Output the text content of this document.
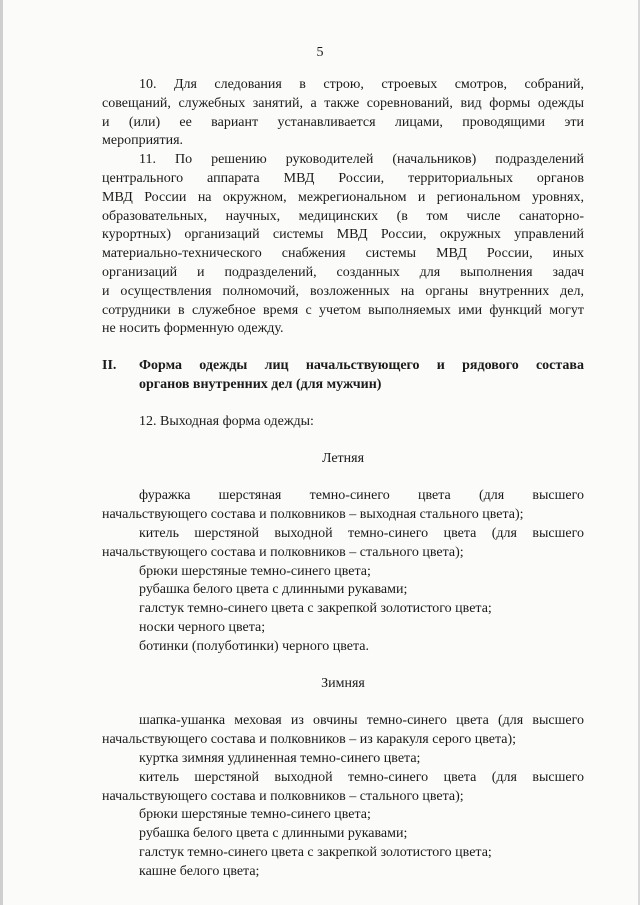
5

10. Для следования в строю, строевых смотров, собраний,

совещаний, служебных занятий, а также соревнований, вид формы одежды

и (или) ее вариант устанавливается лицами, проводящими эти

мероприятия.

11. По решению руководителей (начальников) подразделений

центрального аппарата МВД России, территориальных органов

МВД России на окружном, межрегиональном и региональном уровнях,

образовательных, научных, медицинских (в том числе санаторно-

курортных) организаций системы МВД России, окружных управлений

материально-технического снабжения системы МВД России, иных

организаций и подразделений, созданных для выполнения задач

и осуществления полномочий, возложенных на органы внутренних дел,

сотрудники в служебное время с учетом выполняемых ими функций могут

не носить форменную одежду.

II.	Форма одежды лиц начальствующего и рядового состава
органов внутренних дел (для мужчин)

12. Выходная форма одежды:

Летняя

фуражка шерстяная темно-синего цвета (для высшего

начальствующего состава и полковников – выходная стального цвета);

китель шерстяной выходной темно-синего цвета (для высшего

начальствующего состава и полковников – стального цвета);

брюки шерстяные темно-синего цвета;

рубашка белого цвета с длинными рукавами;

галстук темно-синего цвета с закрепкой золотистого цвета;

носки черного цвета;

ботинки (полуботинки) черного цвета.

Зимняя

шапка-ушанка меховая из овчины темно-синего цвета (для высшего

начальствующего состава и полковников – из каракуля серого цвета);

куртка зимняя удлиненная темно-синего цвета;

китель шерстяной выходной темно-синего цвета (для высшего

начальствующего состава и полковников – стального цвета);

брюки шерстяные темно-синего цвета;

рубашка белого цвета с длинными рукавами;

галстук темно-синего цвета с закрепкой золотистого цвета;

кашне белого цвета;
